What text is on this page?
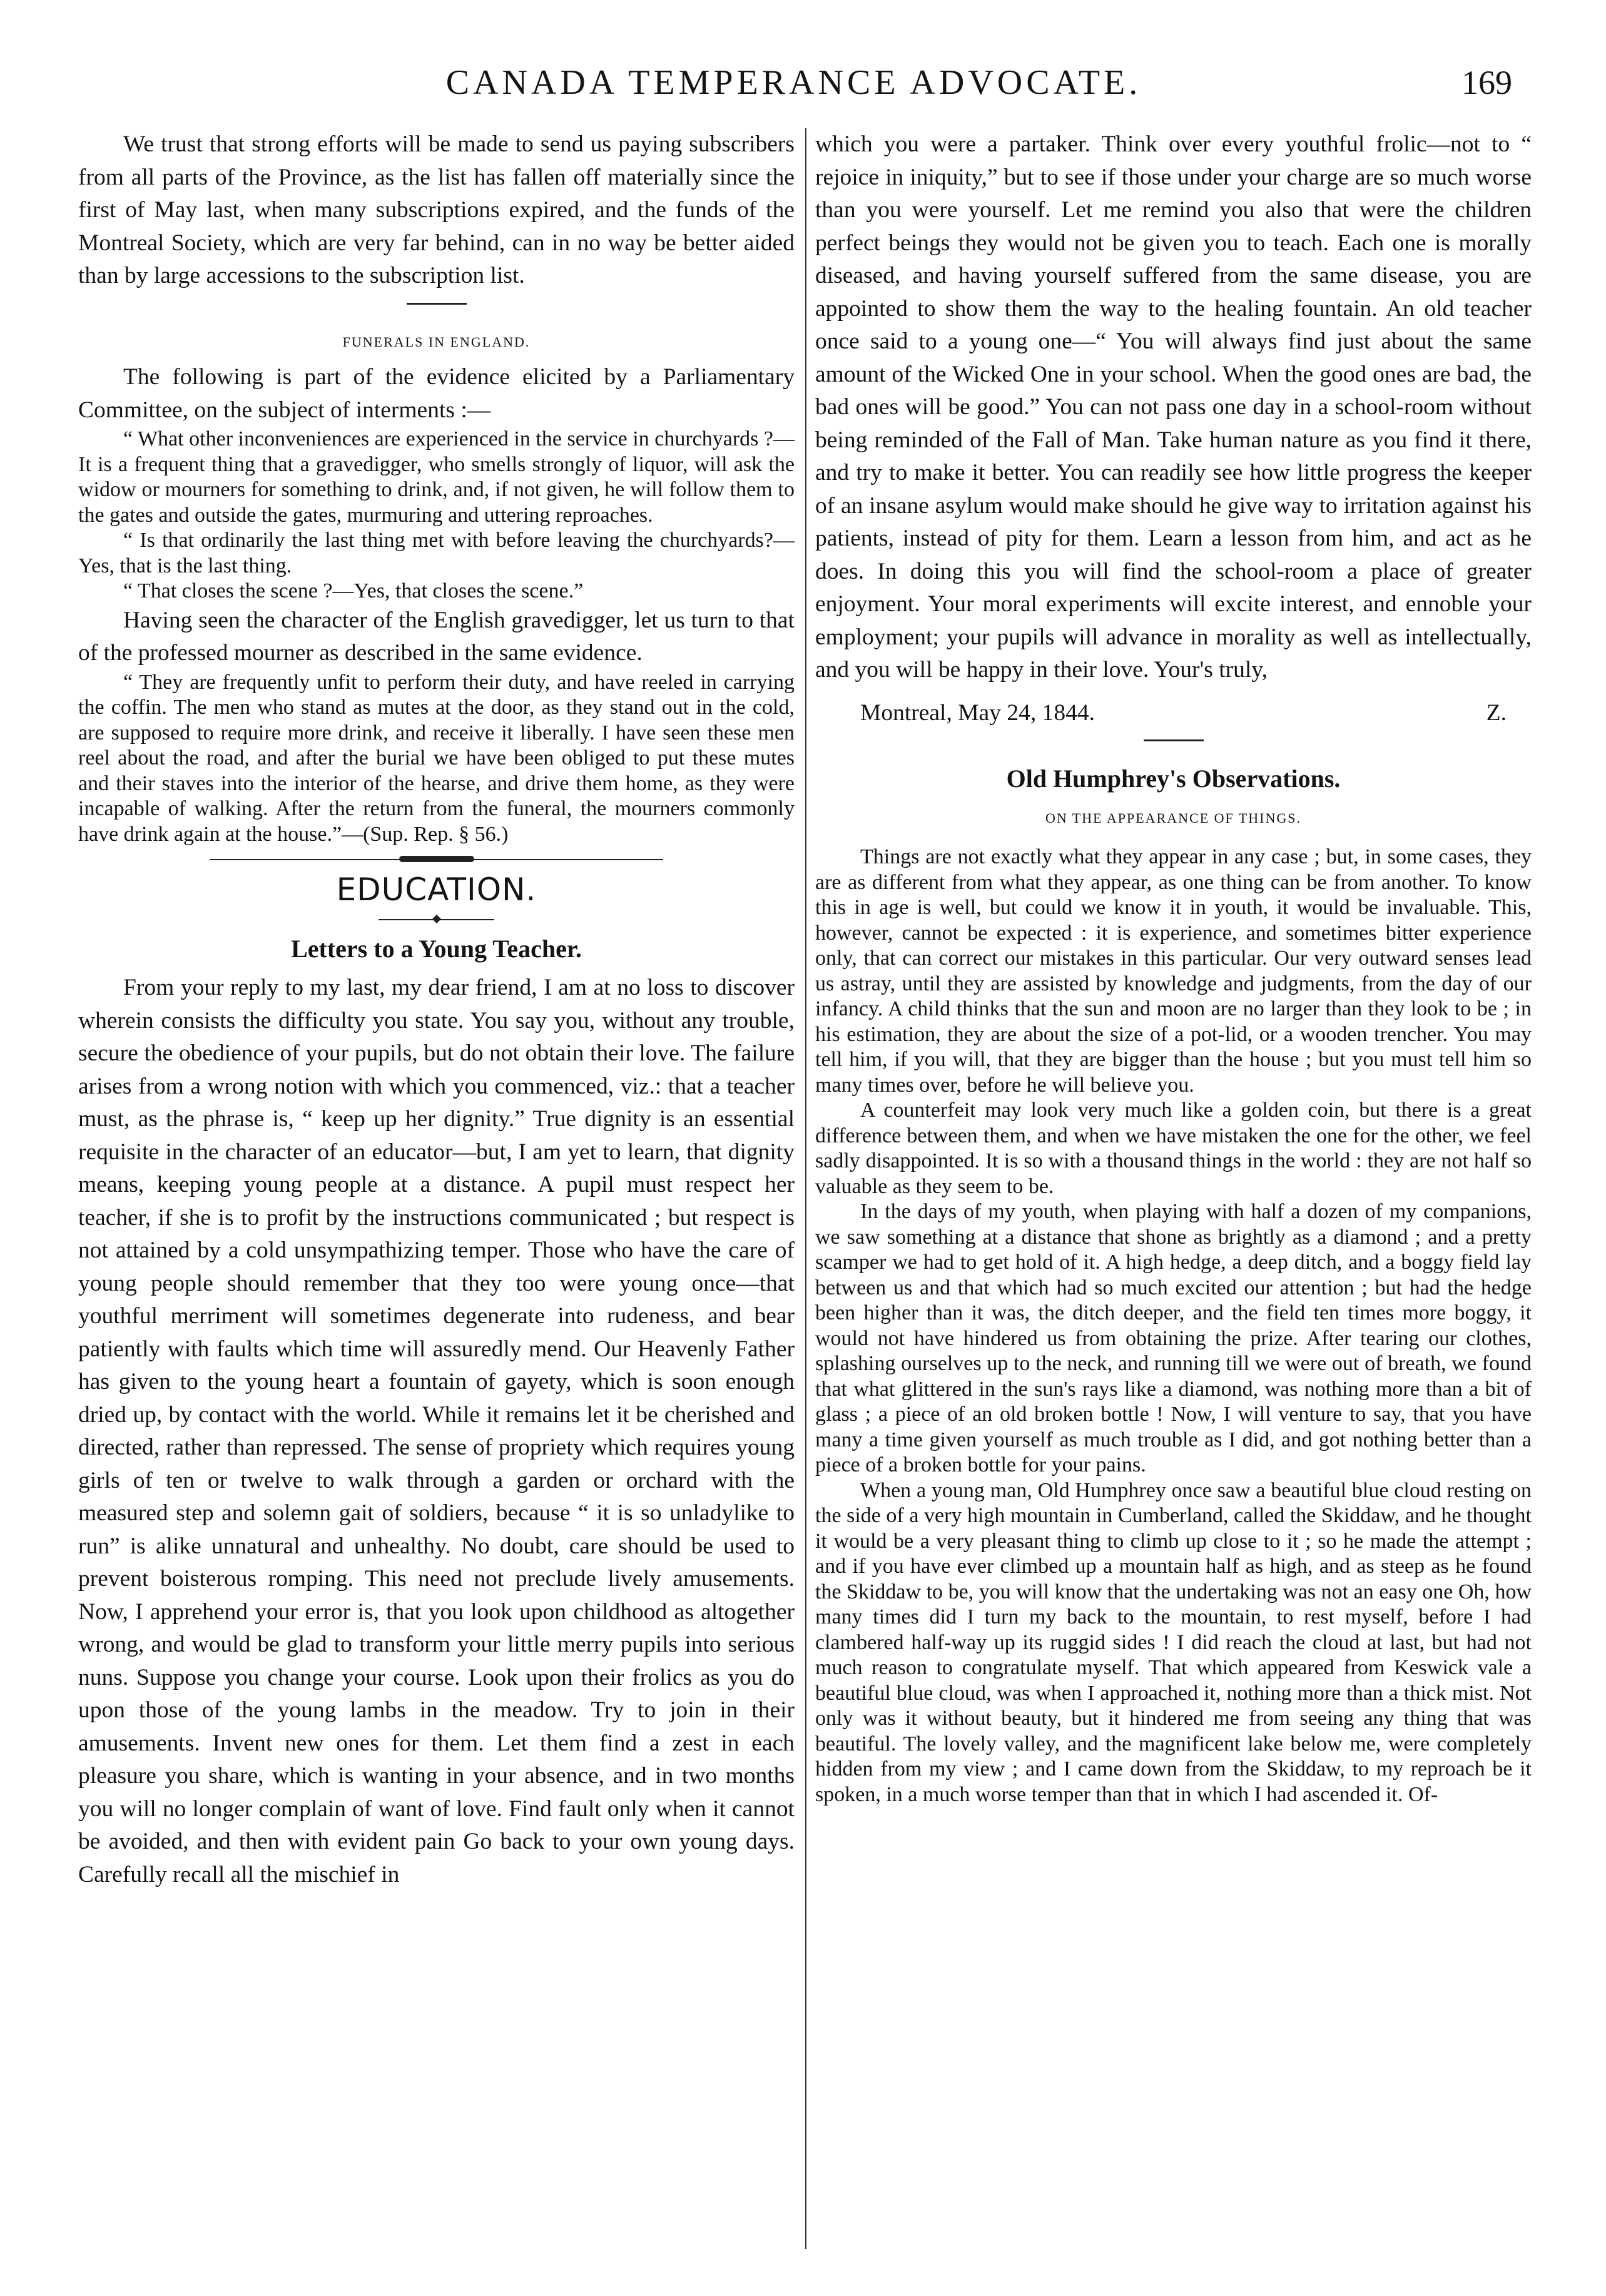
CANADA TEMPERANCE ADVOCATE.	169

We trust that strong efforts will be made to send us paying subscribers from all parts of the Province, as the list has fallen off materially since the first of May last, when many subscriptions expired, and the funds of the Montreal Society, which are very far behind, can in no way be better aided than by large accessions to the subscription list.

FUNERALS IN ENGLAND.

The following is part of the evidence elicited by a Parliamentary Committee, on the subject of interments :—

“ What other inconveniences are experienced in the service in churchyards ?—It is a frequent thing that a gravedigger, who smells strongly of liquor, will ask the widow or mourners for something to drink, and, if not given, he will follow them to the gates and outside the gates, murmuring and uttering reproaches.

“ Is that ordinarily the last thing met with before leaving the churchyards?—Yes, that is the last thing.

“ That closes the scene ?—Yes, that closes the scene.”

Having seen the character of the English gravedigger, let us turn to that of the professed mourner as described in the same evidence.

“ They are frequently unfit to perform their duty, and have reeled in carrying the coffin. The men who stand as mutes at the door, as they stand out in the cold, are supposed to require more drink, and receive it liberally. I have seen these men reel about the road, and after the burial we have been obliged to put these mutes and their staves into the interior of the hearse, and drive them home, as they were incapable of walking. After the return from the funeral, the mourners commonly have drink again at the house.”—(Sup. Rep. § 56.)

EDUCATION.
Letters to a Young Teacher.

From your reply to my last, my dear friend, I am at no loss to discover wherein consists the difficulty you state. You say you, without any trouble, secure the obedience of your pupils, but do not obtain their love. The failure arises from a wrong notion with which you commenced, viz.: that a teacher must, as the phrase is, “ keep up her dignity.” True dignity is an essential requisite in the character of an educator—but, I am yet to learn, that dignity means, keeping young people at a distance. A pupil must respect her teacher, if she is to profit by the instructions communicated ; but respect is not attained by a cold unsympathizing temper. Those who have the care of young people should remember that they too were young once—that youthful merriment will sometimes degenerate into rudeness, and bear patiently with faults which time will assuredly mend. Our Heavenly Father has given to the young heart a fountain of gayety, which is soon enough dried up, by contact with the world. While it remains let it be cherished and directed, rather than repressed. The sense of propriety which requires young girls of ten or twelve to walk through a garden or orchard with the measured step and solemn gait of soldiers, because “ it is so unladylike to run” is alike unnatural and unhealthy. No doubt, care should be used to prevent boisterous romping. This need not preclude lively amusements. Now, I apprehend your error is, that you look upon childhood as altogether wrong, and would be glad to transform your little merry pupils into serious nuns. Suppose you change your course. Look upon their frolics as you do upon those of the young lambs in the meadow. Try to join in their amusements. Invent new ones for them. Let them find a zest in each pleasure you share, which is wanting in your absence, and in two months you will no longer complain of want of love. Find fault only when it cannot be avoided, and then with evident pain Go back to your own young days. Carefully recall all the mischief in

which you were a partaker. Think over every youthful frolic—not to “ rejoice in iniquity,” but to see if those under your charge are so much worse than you were yourself. Let me remind you also that were the children perfect beings they would not be given you to teach. Each one is morally diseased, and having yourself suffered from the same disease, you are appointed to show them the way to the healing fountain. An old teacher once said to a young one—“ You will always find just about the same amount of the Wicked One in your school. When the good ones are bad, the bad ones will be good.” You can not pass one day in a school-room without being reminded of the Fall of Man. Take human nature as you find it there, and try to make it better. You can readily see how little progress the keeper of an insane asylum would make should he give way to irritation against his patients, instead of pity for them. Learn a lesson from him, and act as he does. In doing this you will find the school-room a place of greater enjoyment. Your moral experiments will excite interest, and ennoble your employment; your pupils will advance in morality as well as intellectually, and you will be happy in their love. Your's truly,

Montreal, May 24, 1844.	Z.
Old Humphrey's Observations.
ON THE APPEARANCE OF THINGS.

Things are not exactly what they appear in any case ; but, in some cases, they are as different from what they appear, as one thing can be from another. To know this in age is well, but could we know it in youth, it would be invaluable. This, however, cannot be expected : it is experience, and sometimes bitter experience only, that can correct our mistakes in this particular. Our very outward senses lead us astray, until they are assisted by knowledge and judgments, from the day of our infancy. A child thinks that the sun and moon are no larger than they look to be ; in his estimation, they are about the size of a pot-lid, or a wooden trencher. You may tell him, if you will, that they are bigger than the house ; but you must tell him so many times over, before he will believe you.

A counterfeit may look very much like a golden coin, but there is a great difference between them, and when we have mistaken the one for the other, we feel sadly disappointed. It is so with a thousand things in the world : they are not half so valuable as they seem to be.

In the days of my youth, when playing with half a dozen of my companions, we saw something at a distance that shone as brightly as a diamond ; and a pretty scamper we had to get hold of it. A high hedge, a deep ditch, and a boggy field lay between us and that which had so much excited our attention ; but had the hedge been higher than it was, the ditch deeper, and the field ten times more boggy, it would not have hindered us from obtaining the prize. After tearing our clothes, splashing ourselves up to the neck, and running till we were out of breath, we found that what glittered in the sun's rays like a diamond, was nothing more than a bit of glass ; a piece of an old broken bottle ! Now, I will venture to say, that you have many a time given yourself as much trouble as I did, and got nothing better than a piece of a broken bottle for your pains.

When a young man, Old Humphrey once saw a beautiful blue cloud resting on the side of a very high mountain in Cumberland, called the Skiddaw, and he thought it would be a very pleasant thing to climb up close to it ; so he made the attempt ; and if you have ever climbed up a mountain half as high, and as steep as he found the Skiddaw to be, you will know that the undertaking was not an easy one Oh, how many times did I turn my back to the mountain, to rest myself, before I had clambered half-way up its ruggid sides ! I did reach the cloud at last, but had not much reason to congratulate myself. That which appeared from Keswick vale a beautiful blue cloud, was when I approached it, nothing more than a thick mist. Not only was it without beauty, but it hindered me from seeing any thing that was beautiful. The lovely valley, and the magnificent lake below me, were completely hidden from my view ; and I came down from the Skiddaw, to my reproach be it spoken, in a much worse temper than that in which I had ascended it. Of-
